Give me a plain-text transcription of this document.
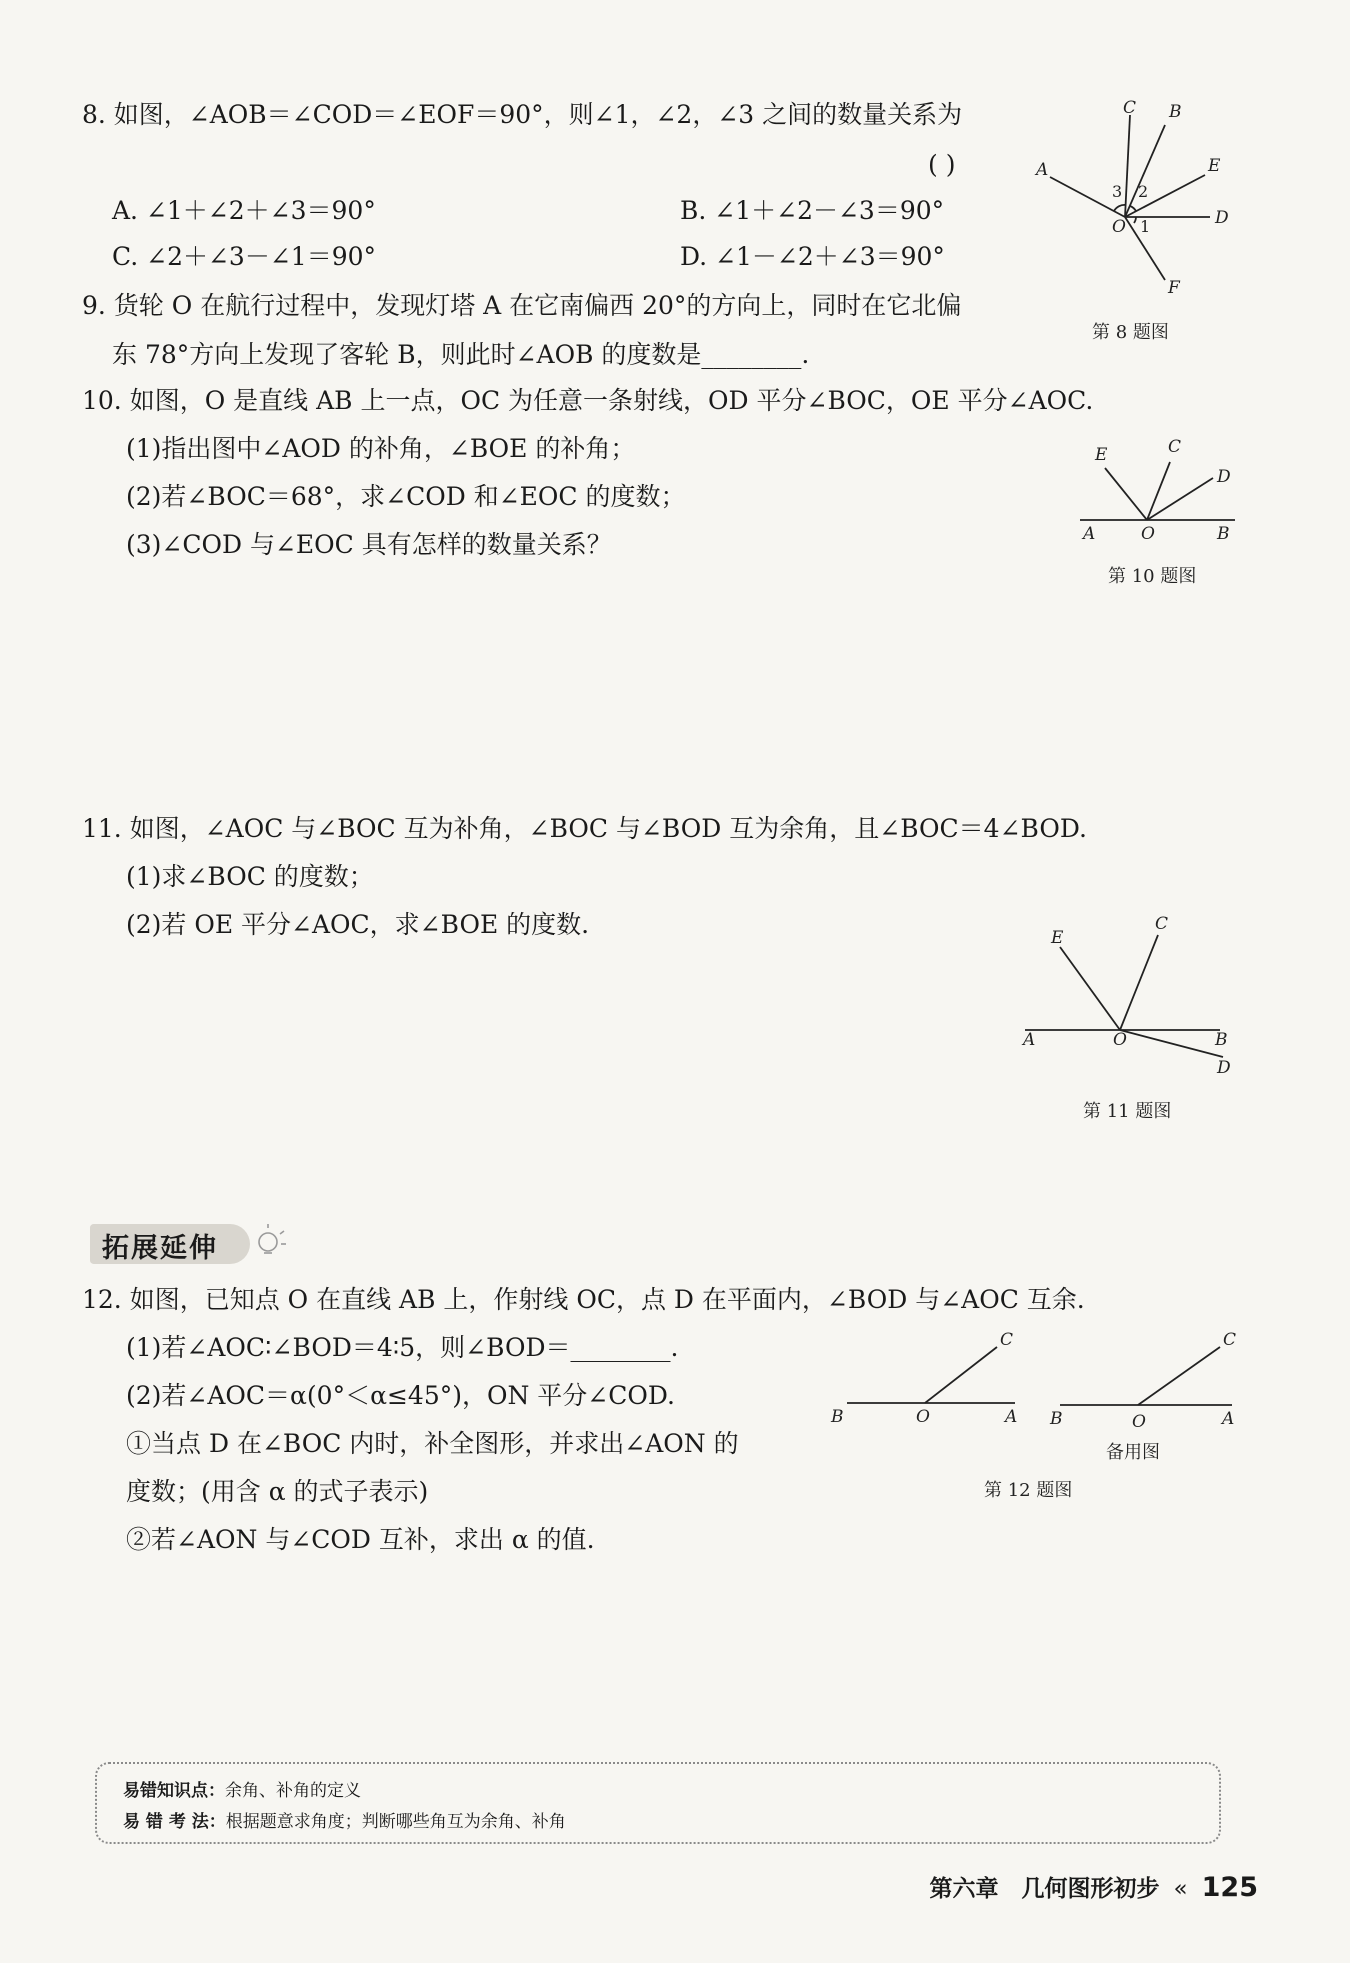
8. 如图，∠AOB＝∠COD＝∠EOF＝90°，则∠1，∠2，∠3 之间的数量关系为
( )
A. ∠1＋∠2＋∠3＝90°	B. ∠1＋∠2－∠3＝90°
C. ∠2＋∠3－∠1＝90°	D. ∠1－∠2＋∠3＝90°
C B
A	E
D
F
O 1
2
3
第 8 题图
9. 货轮 O 在航行过程中，发现灯塔 A 在它南偏西 20°的方向上，同时在它北偏
东 78°方向上发现了客轮 B，则此时∠AOB 的度数是________.
10. 如图，O 是直线 AB 上一点，OC 为任意一条射线，OD 平分∠BOC，OE 平分∠AOC.
(1)指出图中∠AOD 的补角，∠BOE 的补角；
(2)若∠BOC＝68°，求∠COD 和∠EOC 的度数；
(3)∠COD 与∠EOC 具有怎样的数量关系？
E	C
D
A	O	B
第 10 题图
11. 如图，∠AOC 与∠BOC 互为补角，∠BOC 与∠BOD 互为余角，且∠BOC＝4∠BOD.
(1)求∠BOC 的度数；
(2)若 OE 平分∠AOC，求∠BOE 的度数.	E
C
A	O	B
D
第 11 题图
拓展延伸
12. 如图，已知点 O 在直线 AB 上，作射线 OC，点 D 在平面内，∠BOD 与∠AOC 互余.
(1)若∠AOC∶∠BOD＝4∶5，则∠BOD＝________.
(2)若∠AOC＝α(0°＜α≤45°)，ON 平分∠COD.
①当点 D 在∠BOC 内时，补全图形，并求出∠AON 的
度数；(用含 α 的式子表示)
②若∠AON 与∠COD 互补，求出 α 的值.
C
B	O	A
C
B	O	A
备用图
第 12 题图
易错知识点：余角、补角的定义
易 错 考 法：根据题意求角度；判断哪些角互为余角、补角
第六章　几何图形初步 « 125
